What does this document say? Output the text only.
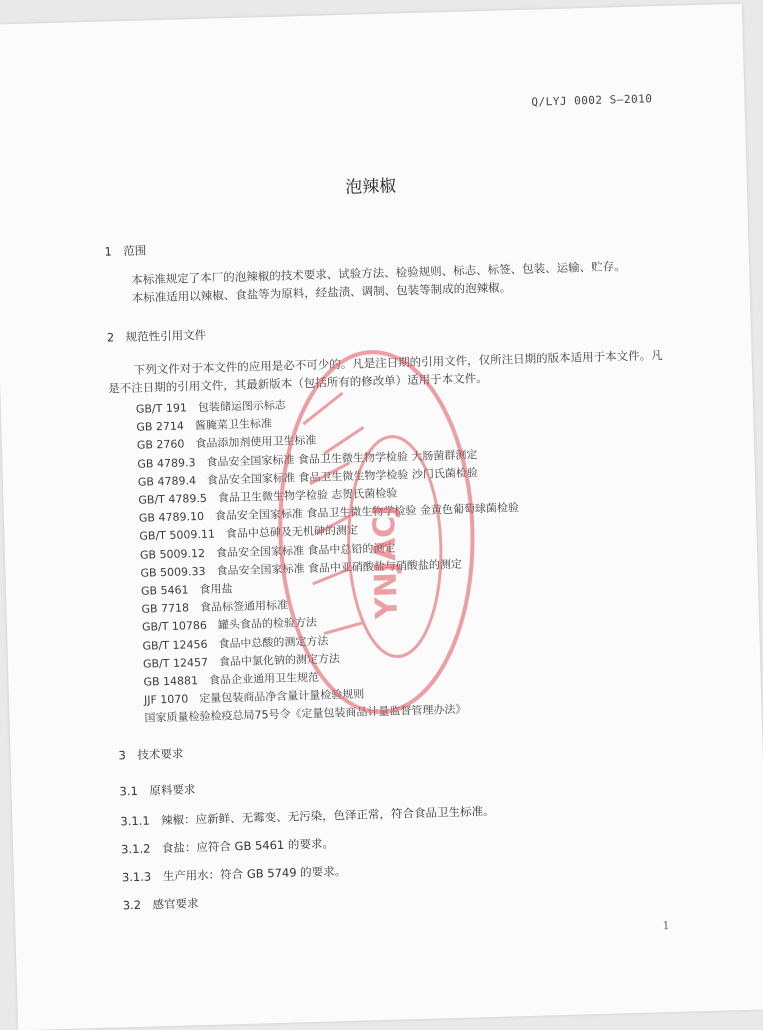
Q/LYJ 0002 S—2010
泡辣椒
1　范围

本标准规定了本厂的泡辣椒的技术要求、试验方法、检验规则、标志、标签、包装、运输、贮存。

本标准适用以辣椒、食盐等为原料，经盐渍、调制、包装等制成的泡辣椒。

2　规范性引用文件

下列文件对于本文件的应用是必不可少的。凡是注日期的引用文件，仅所注日期的版本适用于本文件。凡是不注日期的引用文件，其最新版本（包括所有的修改单）适用于本文件。

GB/T 191　包装储运图示标志
GB 2714　酱腌菜卫生标准
GB 2760　食品添加剂使用卫生标准
GB 4789.3　食品安全国家标准 食品卫生微生物学检验 大肠菌群测定
GB 4789.4　食品安全国家标准 食品卫生微生物学检验 沙门氏菌检验
GB/T 4789.5　食品卫生微生物学检验 志贺氏菌检验
GB 4789.10　食品安全国家标准 食品卫生微生物学检验 金黄色葡萄球菌检验
GB/T 5009.11　食品中总砷及无机砷的测定
GB 5009.12　食品安全国家标准 食品中总铅的测定
GB 5009.33　食品安全国家标准 食品中亚硝酸盐与硝酸盐的测定
GB 5461　食用盐
GB 7718　食品标签通用标准
GB/T 10786　罐头食品的检验方法
GB/T 12456　食品中总酸的测定方法
GB/T 12457　食品中氯化钠的测定方法
GB 14881　食品企业通用卫生规范
JJF 1070　定量包装商品净含量计量检验规则
国家质量检验检疫总局75号令《定量包装商品计量监督管理办法》
3　技术要求
3.1　原料要求
3.1.1　辣椒：应新鲜、无霉变、无污染，色泽正常，符合食品卫生标准。
3.1.2　食盐：应符合 GB 5461 的要求。
3.1.3　生产用水：符合 GB 5749 的要求。
3.2　感官要求
1
YNJACJ
